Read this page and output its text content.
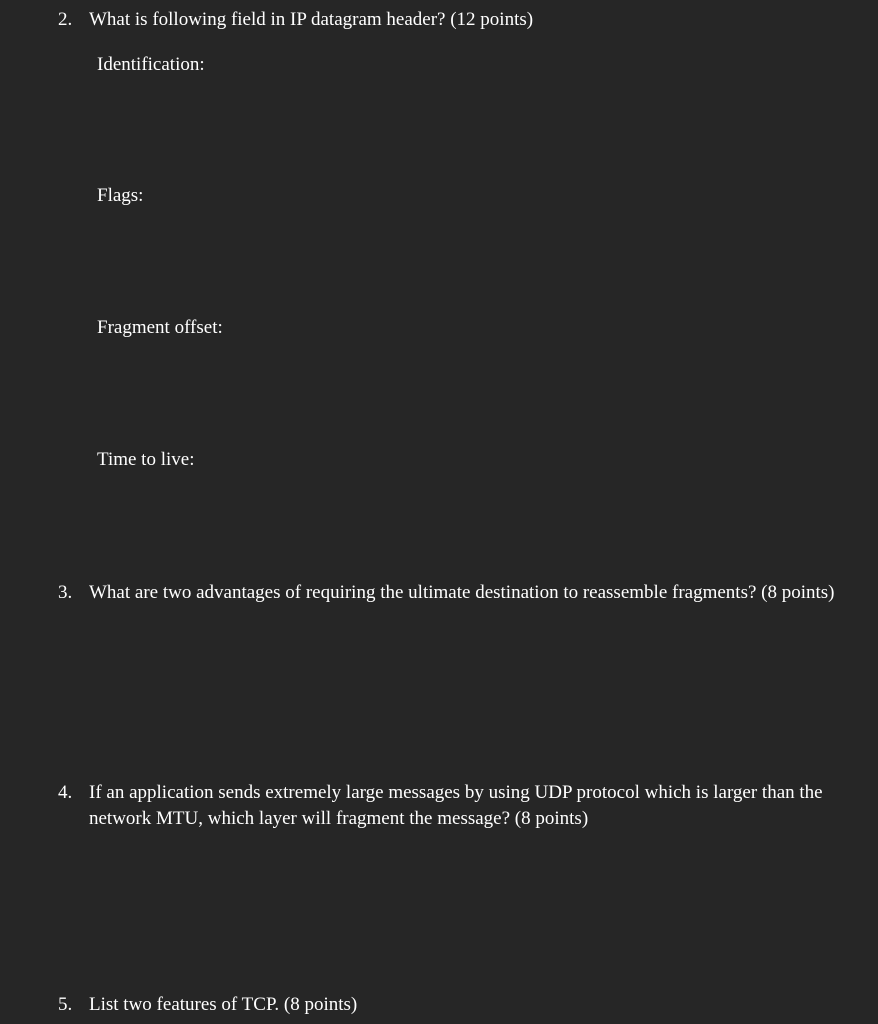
2. What is following field in IP datagram header? (12 points)
Identification:
Flags:
Fragment offset:
Time to live:
3. What are two advantages of requiring the ultimate destination to reassemble fragments? (8 points)
4. If an application sends extremely large messages by using UDP protocol which is larger than the network MTU, which layer will fragment the message? (8 points)
5. List two features of TCP. (8 points)
